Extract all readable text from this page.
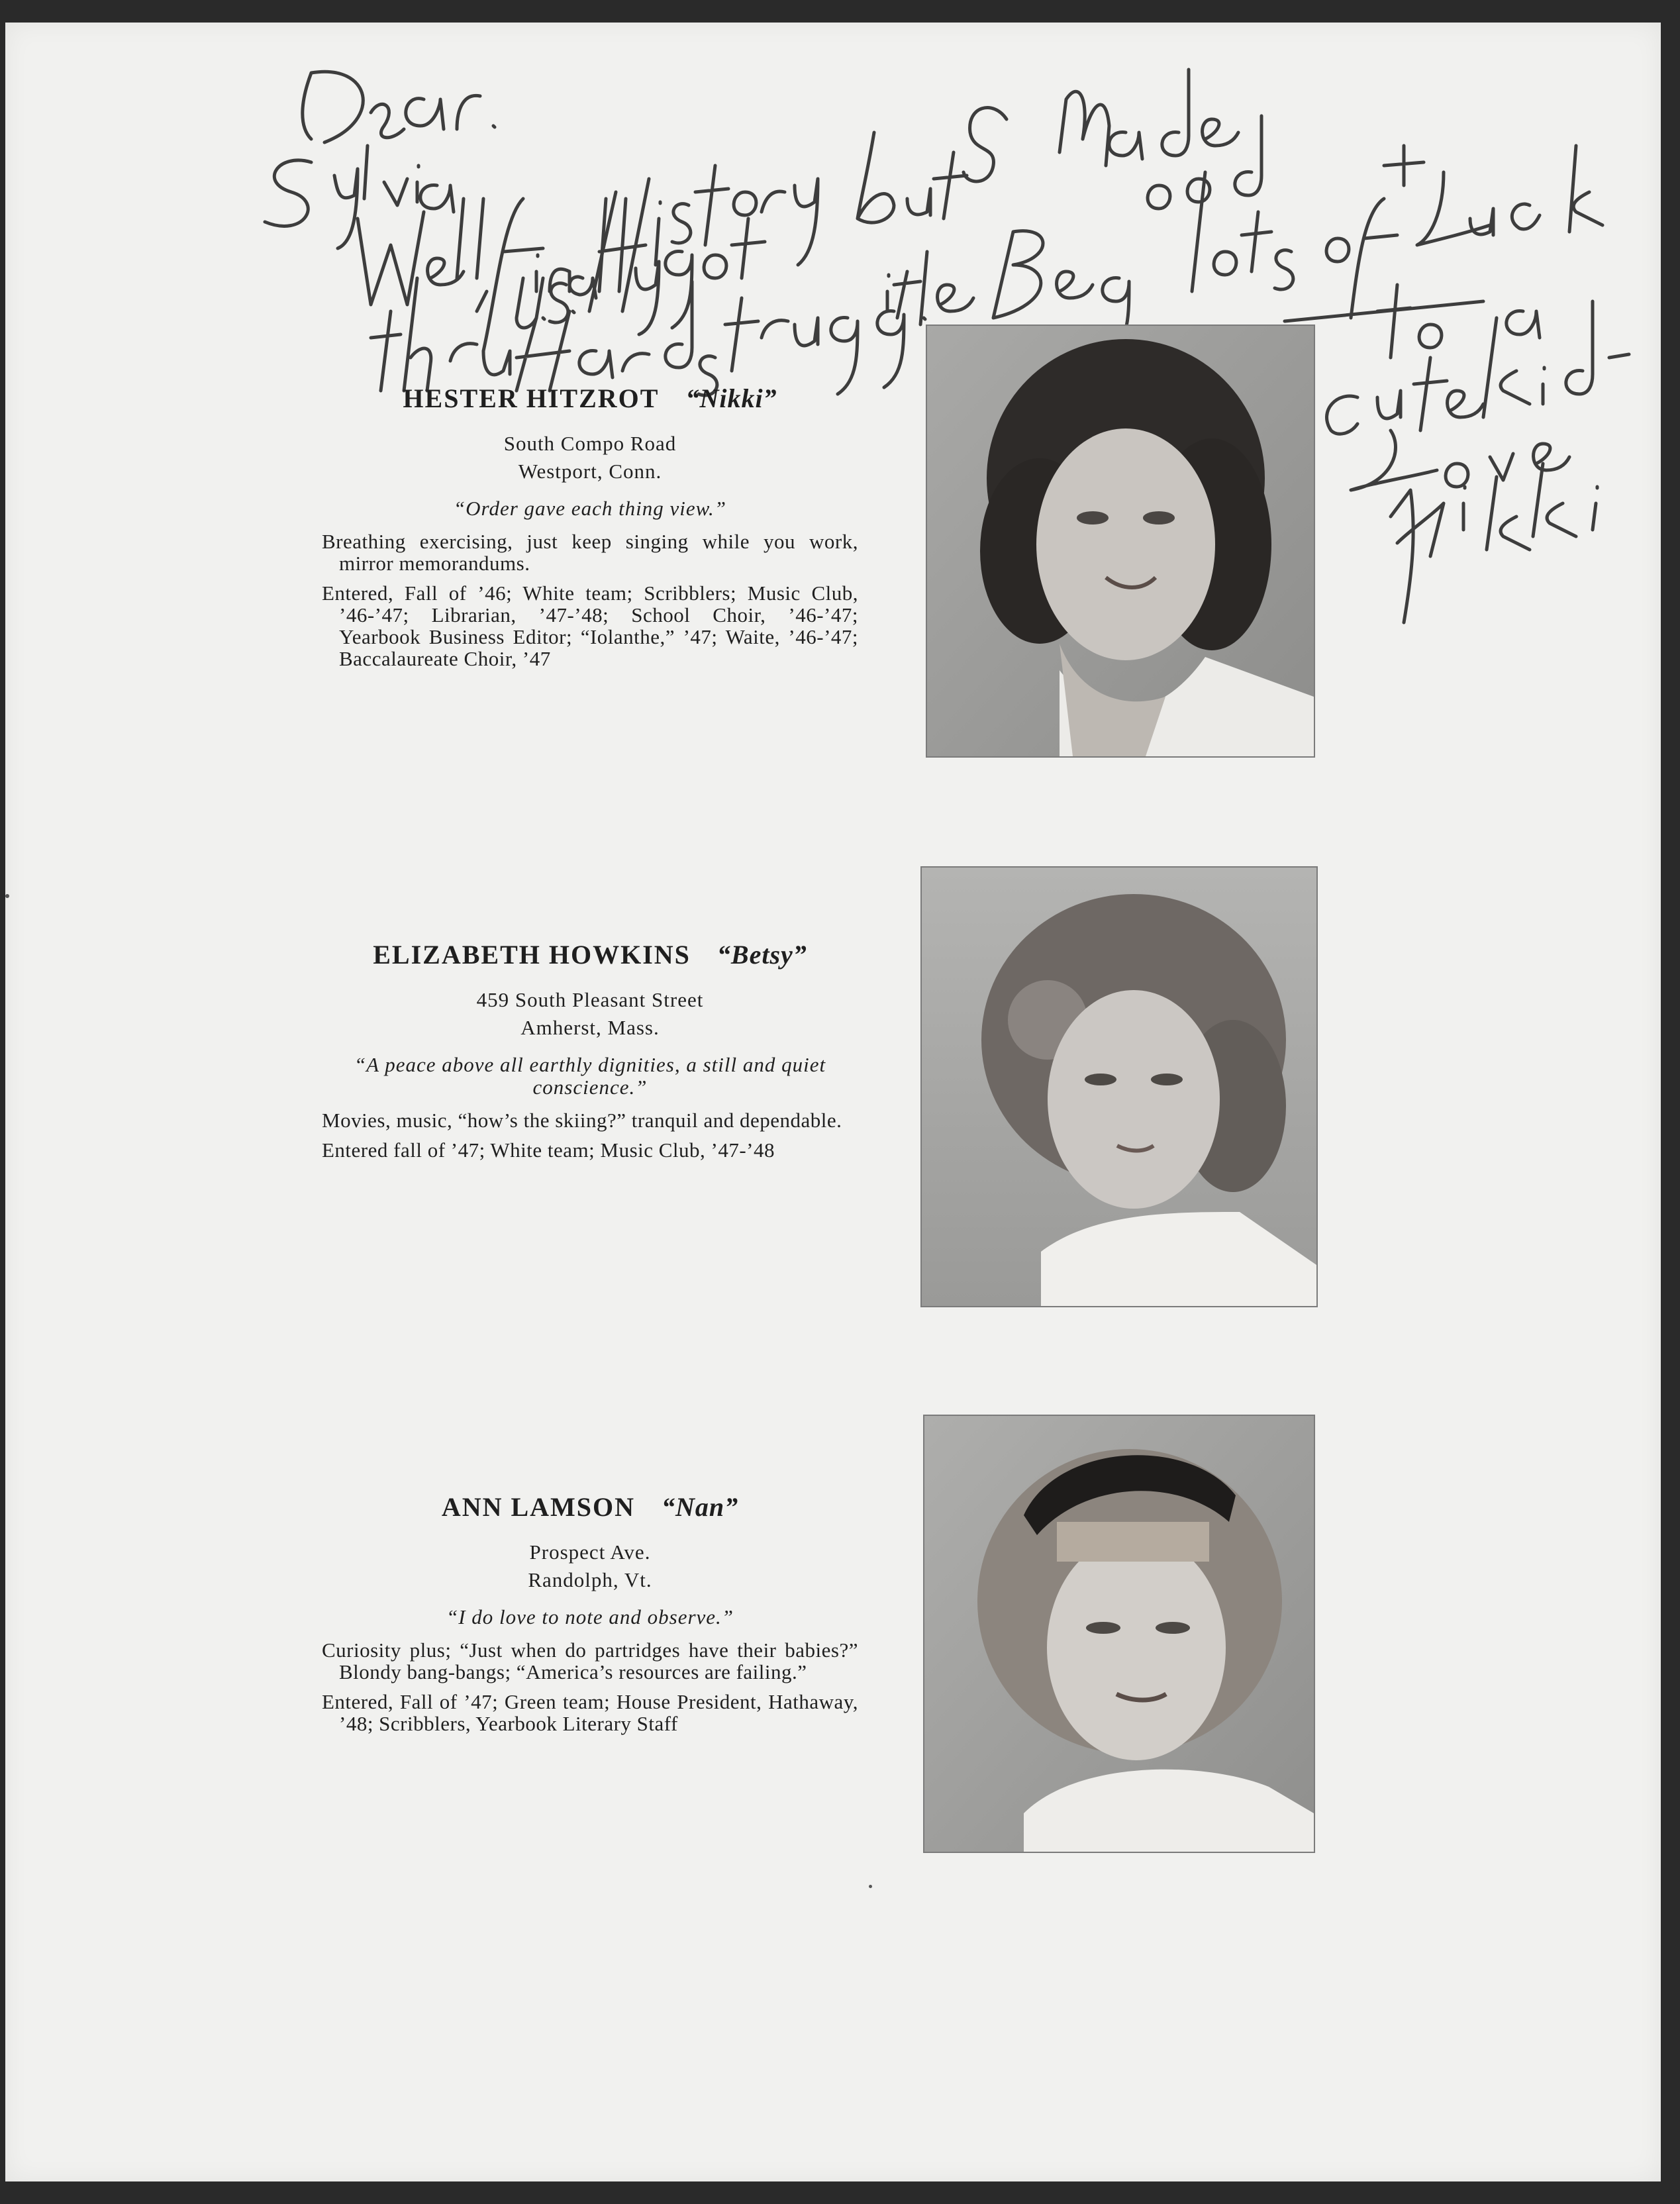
HESTER HITZROT “Nikki”
South Compo Road
Westport, Conn.
“Order gave each thing view.”

Breathing exercising, just keep singing while you work, mirror memorandums.

Entered, Fall of ’46; White team; Scribblers; Music Club, ’46-’47; Librarian, ’47-’48; School Choir, ’46-’47; Yearbook Business Editor; “Iolanthe,” ’47; Waite, ’46-’47; Baccalaureate Choir, ’47

ELIZABETH HOWKINS “Betsy”
459 South Pleasant Street
Amherst, Mass.
“A peace above all earthly dignities, a still and quiet conscience.”

Movies, music, “how’s the skiing?” tranquil and dependable.

Entered fall of ’47; White team; Music Club, ’47-’48

ANN LAMSON “Nan”
Prospect Ave.
Randolph, Vt.
“I do love to note and observe.”

Curiosity plus; “Just when do partridges have their babies?” Blondy bang-bangs; “America’s resources are failing.”

Entered, Fall of ’47; Green team; House President, Hathaway, ’48; Scribblers, Yearbook Literary Staff
